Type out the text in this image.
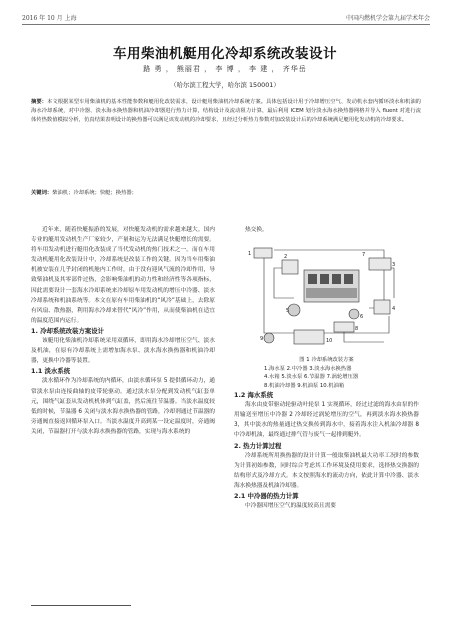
2016 年 10 月 上海	中国内燃机学会第九届学术年会
车用柴油机艇用化冷却系统改装设计
路 勇 ， 熊丽君 ， 李 博 ， 李 建 ， 齐华岳
（哈尔滨工程大学，哈尔滨 150001）
摘要：本文根据某型车用柴油机的基本性能参数和艇用化改装需求，设计艇用柴油机冷却系统方案。具体包括设计用于冷却增压空气、发动机水套内循环淡水和机油的海水冷却系统，对中冷器、淡水海水换热器和机油冷却器进行热力计算，结构设计及流动阻力计算，最后利用 ICEM 划分淡水海水换热器网格并导入 fluent 对进行流体传热数值模拟分析，仿真结果表明设计的换热器可以满足该发动机的冷却要求，且经过分析热力参数对加改装设计后的冷却系统满足艇用化发动机的冷却要求。
关键词：柴油机；冷却系统；快艇；换热器；

近年来，随着快艇振游的发展，对快艇发动机的需求越来越大。国内专业的艇用发动机生产厂家较少，产量和运为无法满足快艇增长的需要。将车用发动机进行艇用化改装成了当代发动机的热门技术之一。而在车用发动机艇用化改装设计中，冷却系统是改装工作的关键。因为当车用柴油机被安装在几乎封闭的机舱内工作时，由于没有迎风气流的冷却作用，导致柴油机及其零部件过热，会影响柴油机的动力性和经济性等各项指标，因此需要设计一套海水冷却系统来冷却原车用发动机的增压中冷器、淡水冷却系统和机油系统等。本文在原有车用柴油机的“风冷”基础上，去除原有风扇、散热器，利用海水冷却来替代“风冷”作用，从而使柴油机在适宜的温度范围内运行。

1. 冷却系统改装方案设计

该艇用化柴油机冷却系统采用双循环，即用海水冷却增压空气、淡水及机油，在原有冷却系统上需增加海水泵、淡水海水换热器和机油冷却器，更换中冷器等装置。

1.1 淡水系统

淡水循环作为冷却系统的内循环，由淡水循环泵 5 提供循环动力，通常淡水泵由连接曲轴的皮带轮驱动。通过淡水泵分配到发动机气缸套单元，围绕气缸套从发动机机体到气缸盖，然后流往节温器。当淡水温度较低的时候，节温器 6 关闭与淡水海水换热器的管路，冷却剂通过节温器的旁通阀直接返回循环泵入口。当淡水温度升高到某一设定温度时，旁通阀关闭，节温器打开与淡水海水换热器的管路，实现与海水系统的

热交换。

1	2
3
4
5
6
7
8
9	10

图 1 冷却系统改装方案

1.海水泵 2.中冷器 3.淡水海水换热器

4.水箱 5.淡水泵 6.节温器 7.涡轮增压器

8.机油冷却器 9.机油泵 10.机油箱

1.2 海水系统

海水由皮带驱动轮驱动叶轮泵 1 实现循环，经过过滤的海水由泵的作用输送至增压中冷器 2 冷却经过涡轮增压的空气，再到淡水海水换热器 3，其中淡水的热量通过热交换传到海水中，接着海水注入机油冷却器 8 中冷却机油，最终通过排气管与废气一起排到艇外。

2. 热力计算过程

冷却系统所用换热器的设计计算一般取柴油机最大功率工况时的参数为计算初始参数，同时综合考虑其工作环境及使用要求，选择热交换器的结构形式及冷却方式。本文按照海水的流动方向，依此计算中冷器、淡水海水换热器及机油冷却器。

2.1 中冷器的热力计算

中冷器因增压空气的温度较高且需要
